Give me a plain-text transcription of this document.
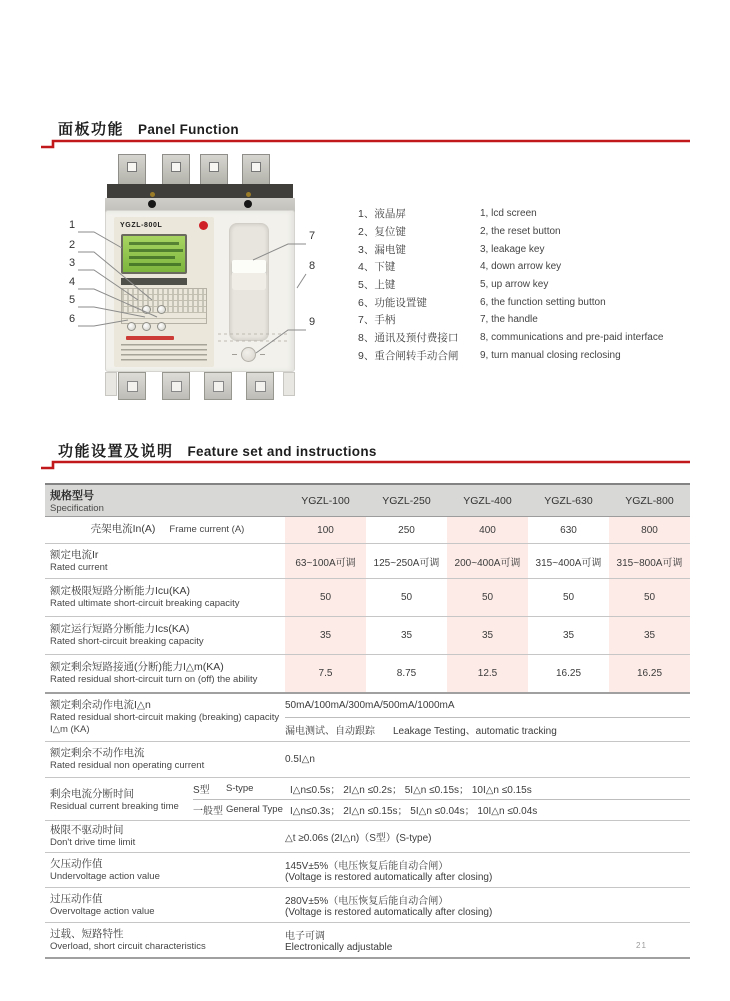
面板功能 Panel Function
YGZL-800L
1
2
3
4
5
6
7
8
9
1、液晶屏	1, lcd screen
2、复位键	2, the reset button
3、漏电键	3, leakage key
4、下键	4, down arrow key
5、上键	5, up arrow key
6、功能设置键	6, the function setting button
7、手柄	7, the handle
8、通讯及预付费接口	8, communications and pre-paid interface
9、重合闸转手动合闸	9, turn manual closing reclosing
功能设置及说明 Feature set and instructions
规格型号
Specification
YGZL-100	YGZL-250	YGZL-400	YGZL-630	YGZL-800
壳架电流In(A) Frame current (A)	100	250	400	630	800
额定电流Ir
Rated current	63~100A可调	125~250A可调	200~400A可调	315~400A可调	315~800A可调
额定极限短路分断能力Icu(KA)
Rated ultimate short-circuit breaking capacity
50	50	50	50	50
额定运行短路分断能力Ics(KA)
Rated short-circuit breaking capacity
35	35	35	35	35
额定剩余短路接通(分断)能力I△m(KA)
Rated residual short-circuit turn on (off) the ability
7.5	8.75	12.5	16.25	16.25
额定剩余动作电流I△n
Rated residual short-circuit making (breaking) capacity I△m (KA)
50mA/100mA/300mA/500mA/1000mA
漏电测试、自动跟踪 Leakage Testing、automatic tracking
额定剩余不动作电流
Rated residual non operating current
0.5I△n
剩余电流分断时间
Residual current breaking time
S型	S-type	I△n≤0.5s； 2I△n ≤0.2s； 5I△n ≤0.15s； 10I△n ≤0.15s
一般型 General Type I△n≤0.3s； 2I△n ≤0.15s； 5I△n ≤0.04s； 10I△n ≤0.04s
极限不驱动时间
Don't drive time limit	△t ≥0.06s (2I△n)（S型）(S-type)
欠压动作值
Undervoltage action value
145V±5%（电压恢复后能自动合闸）
(Voltage is restored automatically after closing)
过压动作值
Overvoltage action value
280V±5%（电压恢复后能自动合闸）
(Voltage is restored automatically after closing)
过载、短路特性
Overload, short circuit characteristics
电子可调
Electronically adjustable	21
